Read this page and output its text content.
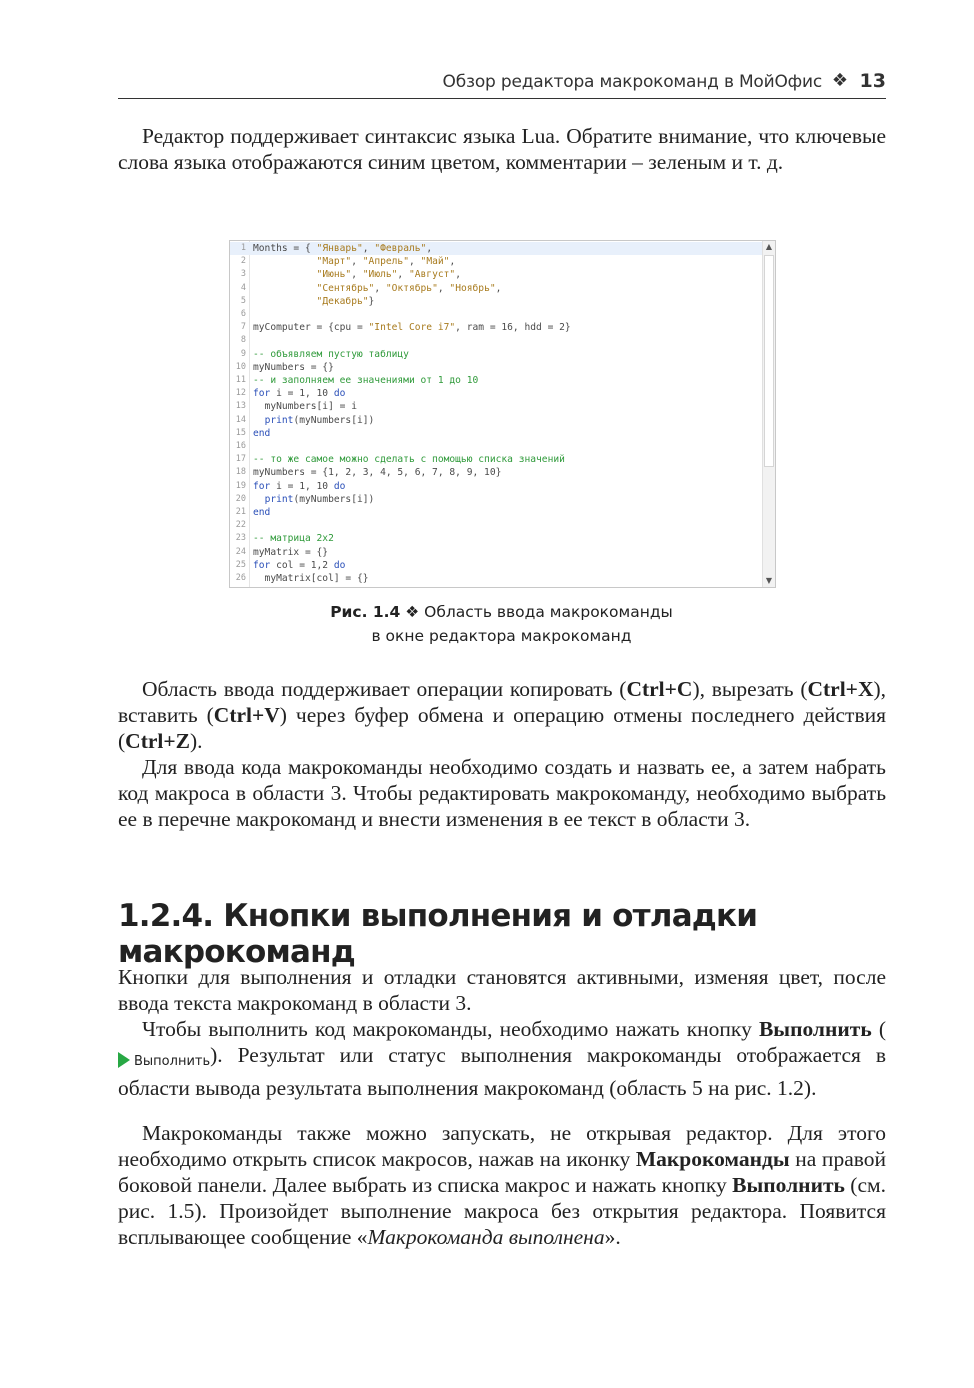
Обзор редактора макрокоманд в МойОфис ❖ 13

Редактор поддерживает синтаксис языка Lua. Обратите внимание, что ключевые слова языка отображаются синим цветом, комментарии – зеленым и т. д.

1 Months = { "Январь", "Февраль",
2	"Март", "Апрель", "Май",
3	"Июнь", "Июль", "Август",
4	"Сентябрь", "Октябрь", "Ноябрь",
5	"Декабрь"}
6
7 myComputer = {cpu = "Intel Core i7", ram = 16, hdd = 2}
8
9 -- объявляем пустую таблицу
10 myNumbers = {}
11 -- и заполняем ее значениями от 1 до 10
12 for i = 1, 10 do
13 myNumbers[i] = i
14	print(myNumbers[i])
15 end
16
17 -- то же самое можно сделать с помощью списка значений
18 myNumbers = {1, 2, 3, 4, 5, 6, 7, 8, 9, 10}
19 for i = 1, 10 do
20	print(myNumbers[i])
21 end
22
23 -- матрица 2x2
24 myMatrix = {}
25 for col = 1,2 do
26 myMatrix[col] = {}
▲
▼
Рис. 1.4 ❖ Область ввода макрокоманды
в окне редактора макрокоманд

Область ввода поддерживает операции копировать (Ctrl+C), вырезать (Ctrl+X), вставить (Ctrl+V) через буфер обмена и операцию отмены последнего действия (Ctrl+Z).

Для ввода кода макрокоманды необходимо создать и назвать ее, а затем набрать код макроса в области 3. Чтобы редактировать макрокоманду, необходимо выбрать ее в перечне макрокоманд и внести изменения в ее текст в области 3.

1.2.4. Кнопки выполнения и отладки макрокоманд

Кнопки для выполнения и отладки становятся активными, изменяя цвет, после ввода текста макрокоманд в области 3.

Чтобы выполнить код макрокоманды, необходимо нажать кнопку Выполнить (Выполнить). Результат или статус выполнения макрокоманды отображается в области вывода результата выполнения макрокоманд (область 5 на рис. 1.2).

Макрокоманды также можно запускать, не открывая редактор. Для этого необходимо открыть список макросов, нажав на иконку Макрокоманды на правой боковой панели. Далее выбрать из списка макрос и нажать кнопку Выполнить (см. рис. 1.5). Произойдет выполнение макроса без открытия редактора. Появится всплывающее сообщение «Макрокоманда выполнена».
